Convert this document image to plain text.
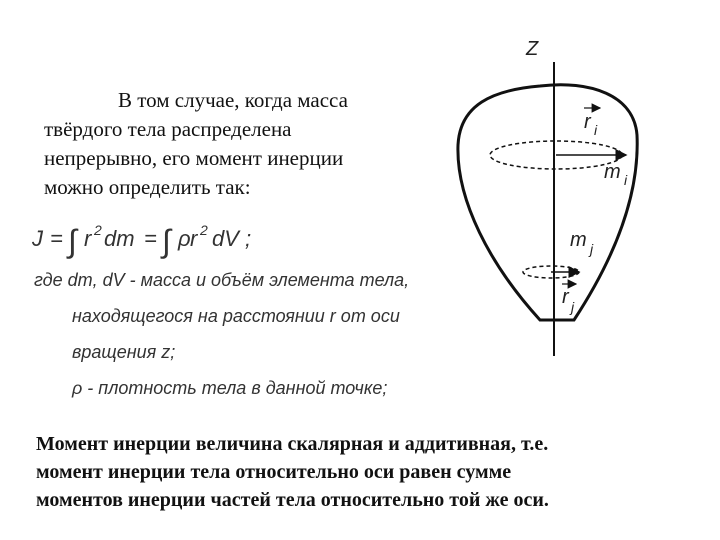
В том случае, когда масса

твёрдого тела распределена

непрерывно, его момент инерции

можно определить так:

J = ∫ r 2 dm = ∫ ρ r 2 dV ;
где dm, dV - масса и объём элемента тела,
находящегося на расстоянии r от оси
вращения z;
ρ - плотность тела в данной точке;
Z
r i
m i
m j
r j

Момент инерции величина скалярная и аддитивная, т.е.

момент инерции тела относительно оси равен сумме

моментов инерции частей тела относительно той же оси.
